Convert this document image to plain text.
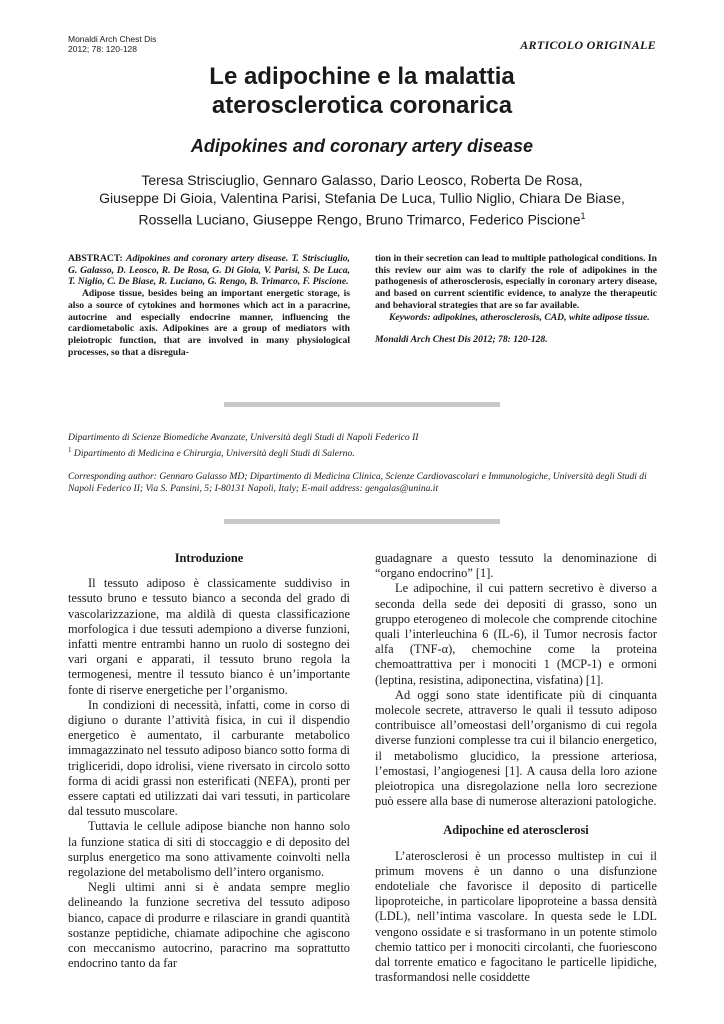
Monaldi Arch Chest Dis
2012; 78: 120-128	ARTICOLO ORIGINALE
Le adipochine e la malattia
aterosclerotica coronarica
Adipokines and coronary artery disease
Teresa Strisciuglio, Gennaro Galasso, Dario Leosco, Roberta De Rosa,
Giuseppe Di Gioia, Valentina Parisi, Stefania De Luca, Tullio Niglio, Chiara De Biase,
Rossella Luciano, Giuseppe Rengo, Bruno Trimarco, Federico Piscione$^1$

ABSTRACT: Adipokines and coronary artery disease. T. Strisciuglio, G. Galasso, D. Leosco, R. De Rosa, G. Di Gioia, V. Parisi, S. De Luca, T. Niglio, C. De Biase, R. Luciano, G. Rengo, B. Trimarco, F. Piscione.

Adipose tissue, besides being an important energetic storage, is also a source of cytokines and hormones which act in a paracrine, autocrine and especially endocrine manner, influencing the cardiometabolic axis. Adipokines are a group of mediators with pleiotropic function, that are involved in many physiological processes, so that a disregula-

tion in their secretion can lead to multiple pathological conditions. In this review our aim was to clarify the role of adipokines in the pathogenesis of atherosclerosis, especially in coronary artery disease, and based on current scientific evidence, to analyze the therapeutic and behavioral strategies that are so far available.

Keywords: adipokines, atherosclerosis, CAD, white adipose tissue.

Monaldi Arch Chest Dis 2012; 78: 120-128.

Dipartimento di Scienze Biomediche Avanzate, Università degli Studi di Napoli Federico II

$^1$ Dipartimento di Medicina e Chirurgia, Università degli Studi di Salerno.

Corresponding author: Gennaro Galasso MD; Dipartimento di Medicina Clinica, Scienze Cardiovascolari e Immunologiche, Università degli Studi di Napoli Federico II; Via S. Pansini, 5; I-80131 Napoli, Italy; E-mail address: gengalas@unina.it

Introduzione

Il tessuto adiposo è classicamente suddiviso in tessuto bruno e tessuto bianco a seconda del grado di vascolarizzazione, ma aldilà di questa classificazione morfologica i due tessuti adempiono a diverse funzioni, infatti mentre entrambi hanno un ruolo di sostegno dei vari organi e apparati, il tessuto bruno regola la termogenesi, mentre il tessuto bianco è un’importante fonte di riserve energetiche per l’organismo.

In condizioni di necessità, infatti, come in corso di digiuno o durante l’attività fisica, in cui il dispendio energetico è aumentato, il carburante metabolico immagazzinato nel tessuto adiposo bianco sotto forma di trigliceridi, dopo idrolisi, viene riversato in circolo sotto forma di acidi grassi non esterificati (NEFA), pronti per essere captati ed utilizzati dai vari tessuti, in particolare dal tessuto muscolare.

Tuttavia le cellule adipose bianche non hanno solo la funzione statica di siti di stoccaggio e di deposito del surplus energetico ma sono attivamente coinvolti nella regolazione del metabolismo dell’intero organismo.

Negli ultimi anni si è andata sempre meglio delineando la funzione secretiva del tessuto adiposo bianco, capace di produrre e rilasciare in grandi quantità sostanze peptidiche, chiamate adipochine che agiscono con meccanismo autocrino, paracrino ma soprattutto endocrino tanto da far

guadagnare a questo tessuto la denominazione di “organo endocrino” [1].

Le adipochine, il cui pattern secretivo è diverso a seconda della sede dei depositi di grasso, sono un gruppo eterogeneo di molecole che comprende citochine quali l’interleuchina 6 (IL-6), il Tumor necrosis factor alfa (TNF-α), chemochine come la proteina chemoattrattiva per i monociti 1 (MCP-1) e ormoni (leptina, resistina, adiponectina, visfatina) [1].

Ad oggi sono state identificate più di cinquanta molecole secrete, attraverso le quali il tessuto adiposo contribuisce all’omeostasi dell’organismo di cui regola diverse funzioni complesse tra cui il bilancio energetico, il metabolismo glucidico, la pressione arteriosa, l’emostasi, l’angiogenesi [1]. A causa della loro azione pleiotropica una disregolazione nella loro secrezione può essere alla base di numerose alterazioni patologiche.

Adipochine ed aterosclerosi

L’aterosclerosi è un processo multistep in cui il primum movens è un danno o una disfunzione endoteliale che favorisce il deposito di particelle lipoproteiche, in particolare lipoproteine a bassa densità (LDL), nell’intima vascolare. In questa sede le LDL vengono ossidate e si trasformano in un potente stimolo chemio tattico per i monociti circolanti, che fuoriescono dal torrente ematico e fagocitano le particelle lipidiche, trasformandosi nelle cosiddette
